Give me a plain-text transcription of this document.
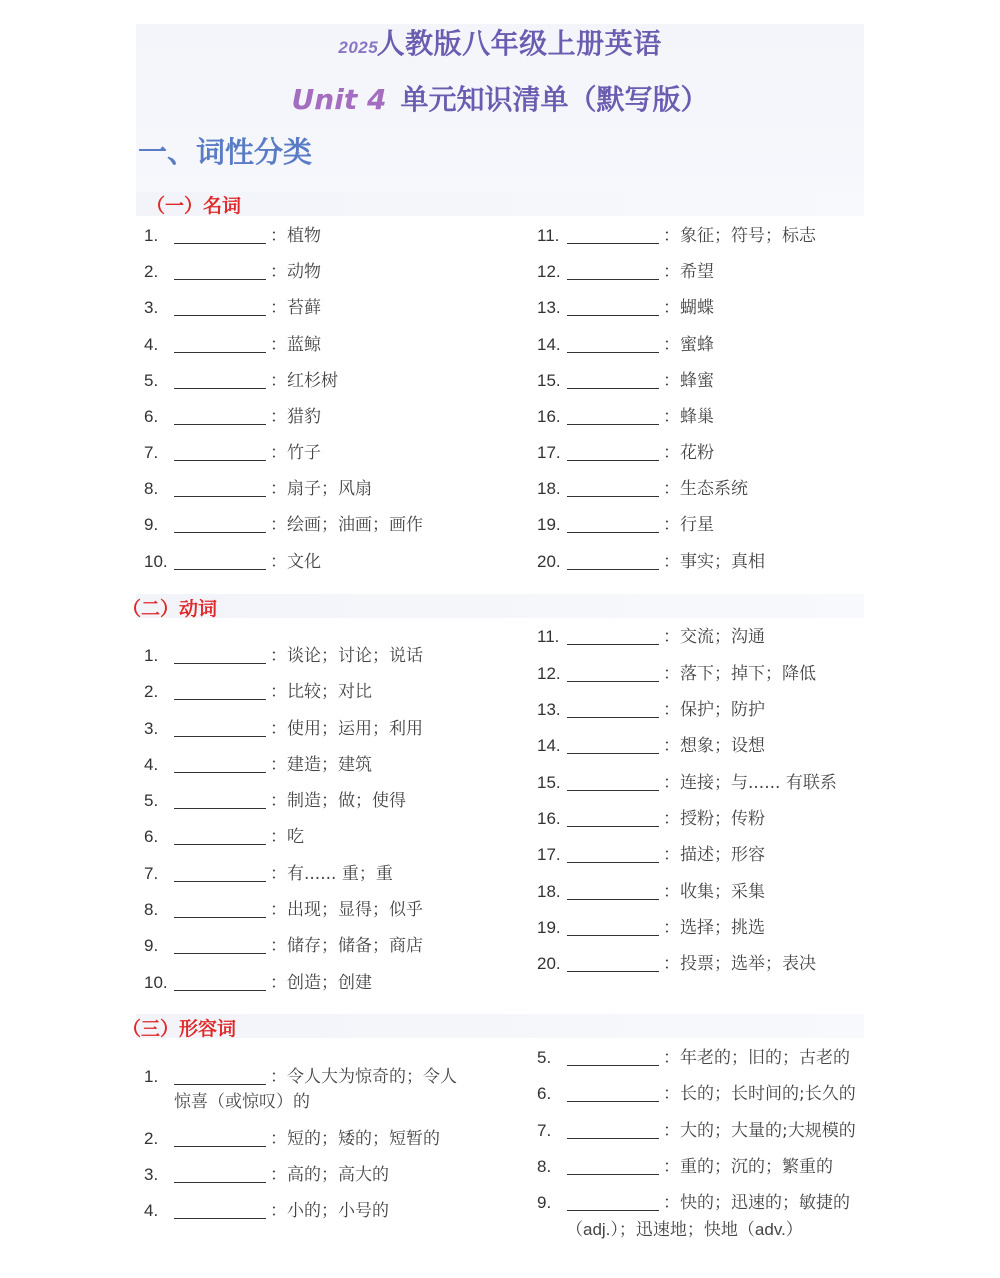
2025 人教版八年级上册英语
Unit 4 单元知识清单（默写版）
一、词性分类
（一）名词
（二）动词
（三）形容词
1.	：植物
2.	：动物
3.	：苔藓
4.	：蓝鲸
5.	：红杉树
6.	：猎豹
7.	：竹子
8.	：扇子；风扇
9.	：绘画；油画；画作
10.	：文化
11.	：象征；符号；标志
12.	：希望
13.	：蝴蝶
14.	：蜜蜂
15.	：蜂蜜
16.	：蜂巢
17.	：花粉
18.	：生态系统
19.	：行星
20.	：事实；真相
1.	：谈论；讨论；说话
2.	：比较；对比
3.	：使用；运用；利用
4.	：建造；建筑
5.	：制造；做；使得
6.	：吃
7.	：有...... 重；重
8.	：出现；显得；似乎
9.	：储存；储备；商店
10.	：创造；创建
11.	：交流；沟通
12.	：落下；掉下；降低
13.	：保护；防护
14.	：想象；设想
15.	：连接；与...... 有联系
16.	：授粉；传粉
17.	：描述；形容
18.	：收集；采集
19.	：选择；挑选
20.	：投票；选举；表决
1.	：令人大为惊奇的；令人
惊喜（或惊叹）的
2.	：短的；矮的；短暂的
3.	：高的；高大的
4.	：小的；小号的
5.	：年老的；旧的；古老的
6.	：长的；长时间的;长久的
7.	：大的；大量的;大规模的
8.	：重的；沉的；繁重的
9.	：快的；迅速的；敏捷的
（adj.）；迅速地；快地（adv.）
